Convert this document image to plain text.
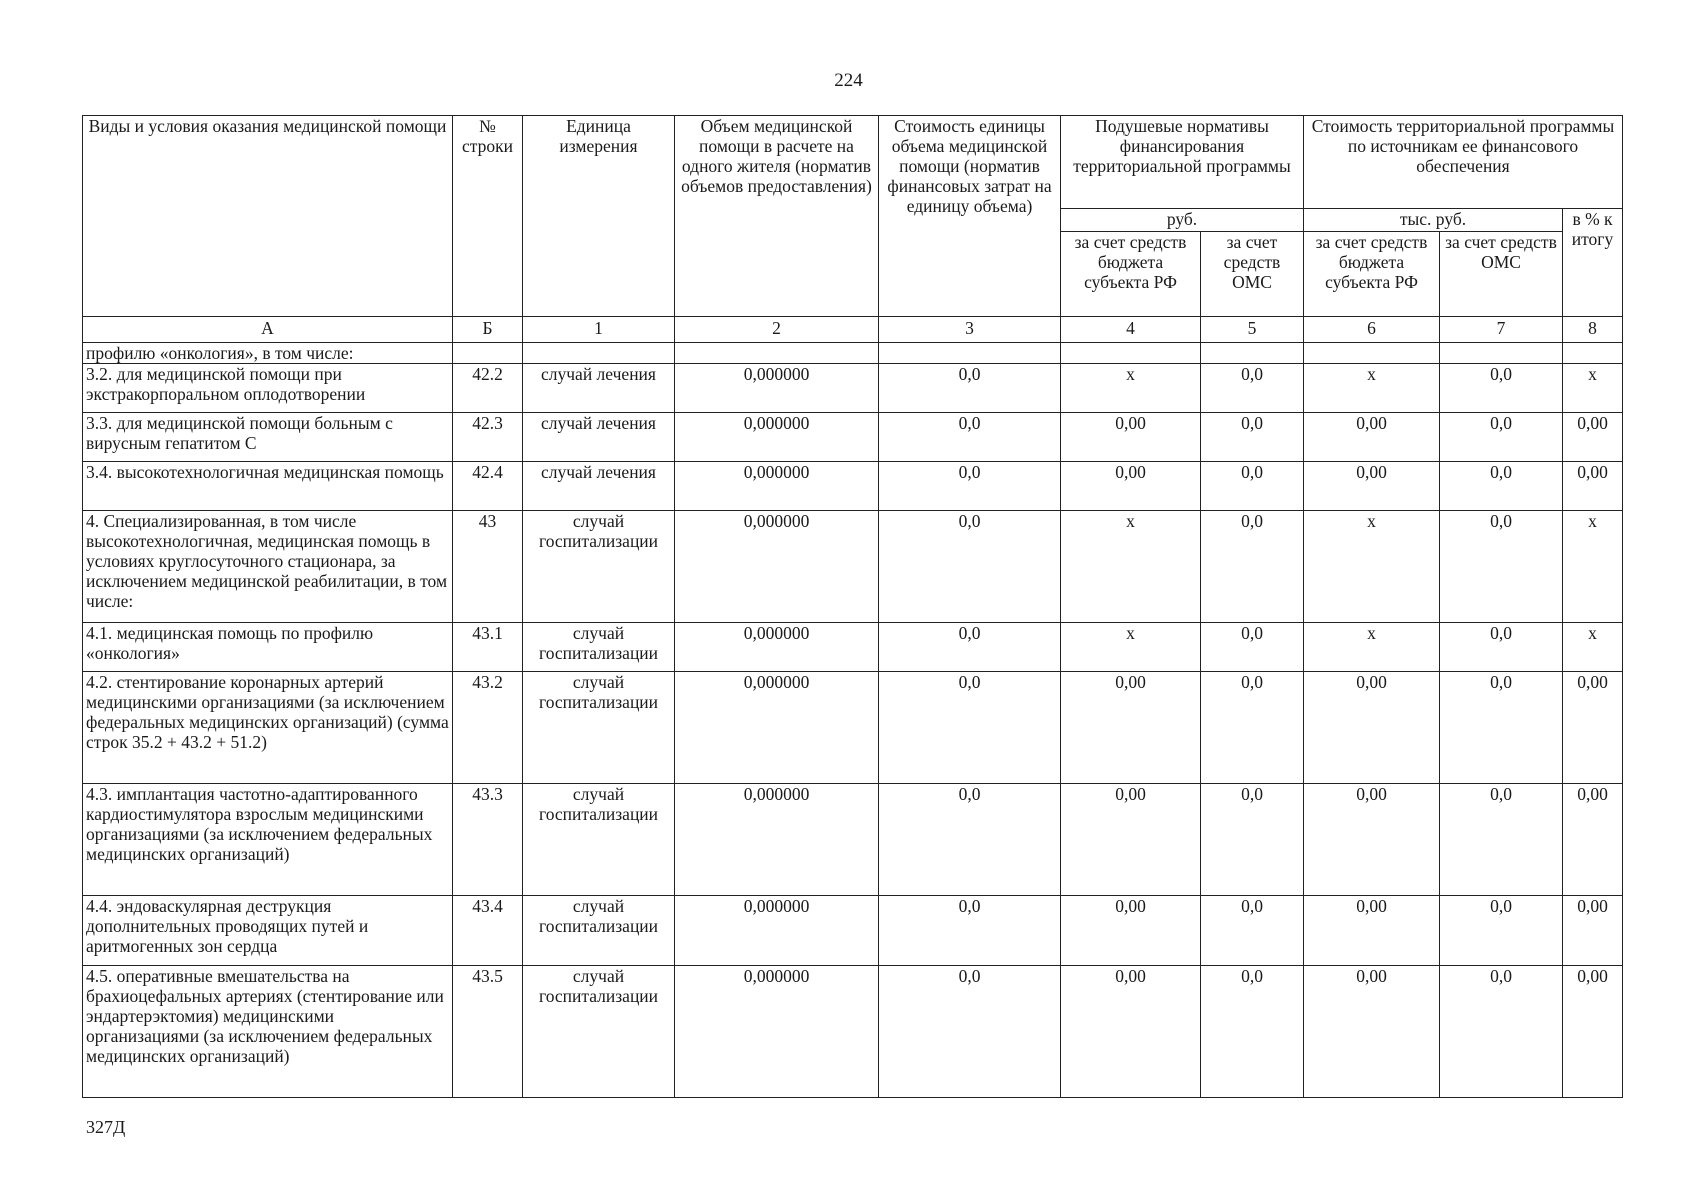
224
Виды и условия оказания медицинской помощи	№ строки	Единица измерения	Объем медицинской помощи в расчете на одного жителя (норматив объемов предоставления)	Стоимость единицы объема медицинской помощи (норматив финансовых затрат на единицу объема)	Подушевые нормативы финансирования территориальной программы		Стоимость территориальной программы по источникам ее финансового обеспечения		
					руб.		тыс. руб.		в % к итогу
					за счет средств бюджета субъекта РФ	за счет средств ОМС	за счет средств бюджета субъекта РФ	за счет средств ОМС	
А	Б	1	2	3	4	5	6	7	8
профилю «онкология», в том числе:									
3.2. для медицинской помощи при экстракорпоральном оплодотворении	42.2	случай лечения	0,000000	0,0	х	0,0	х	0,0	х
3.3. для медицинской помощи больным с вирусным гепатитом С	42.3	случай лечения	0,000000	0,0	0,00	0,0	0,00	0,0	0,00
3.4. высокотехнологичная медицинская помощь	42.4	случай лечения	0,000000	0,0	0,00	0,0	0,00	0,0	0,00
4. Специализированная, в том числе высокотехнологичная, медицинская помощь в условиях круглосуточного стационара, за исключением медицинской реабилитации, в том числе:	43	случай госпитализации	0,000000	0,0	х	0,0	х	0,0	х
4.1. медицинская помощь по профилю «онкология»	43.1	случай госпитализации	0,000000	0,0	х	0,0	х	0,0	х
4.2. стентирование коронарных артерий медицинскими организациями (за исключением федеральных медицинских организаций) (сумма строк 35.2 + 43.2 + 51.2)	43.2	случай госпитализации	0,000000	0,0	0,00	0,0	0,00	0,0	0,00
4.3. имплантация частотно-адаптированного кардиостимулятора взрослым медицинскими организациями (за исключением федеральных медицинских организаций)	43.3	случай госпитализации	0,000000	0,0	0,00	0,0	0,00	0,0	0,00
4.4. эндоваскулярная деструкция дополнительных проводящих путей и аритмогенных зон сердца	43.4	случай госпитализации	0,000000	0,0	0,00	0,0	0,00	0,0	0,00
4.5. оперативные вмешательства на брахиоцефальных артериях (стентирование или эндартерэктомия) медицинскими организациями (за исключением федеральных медицинских организаций)	43.5	случай госпитализации	0,000000	0,0	0,00	0,0	0,00	0,0	0,00
327Д
